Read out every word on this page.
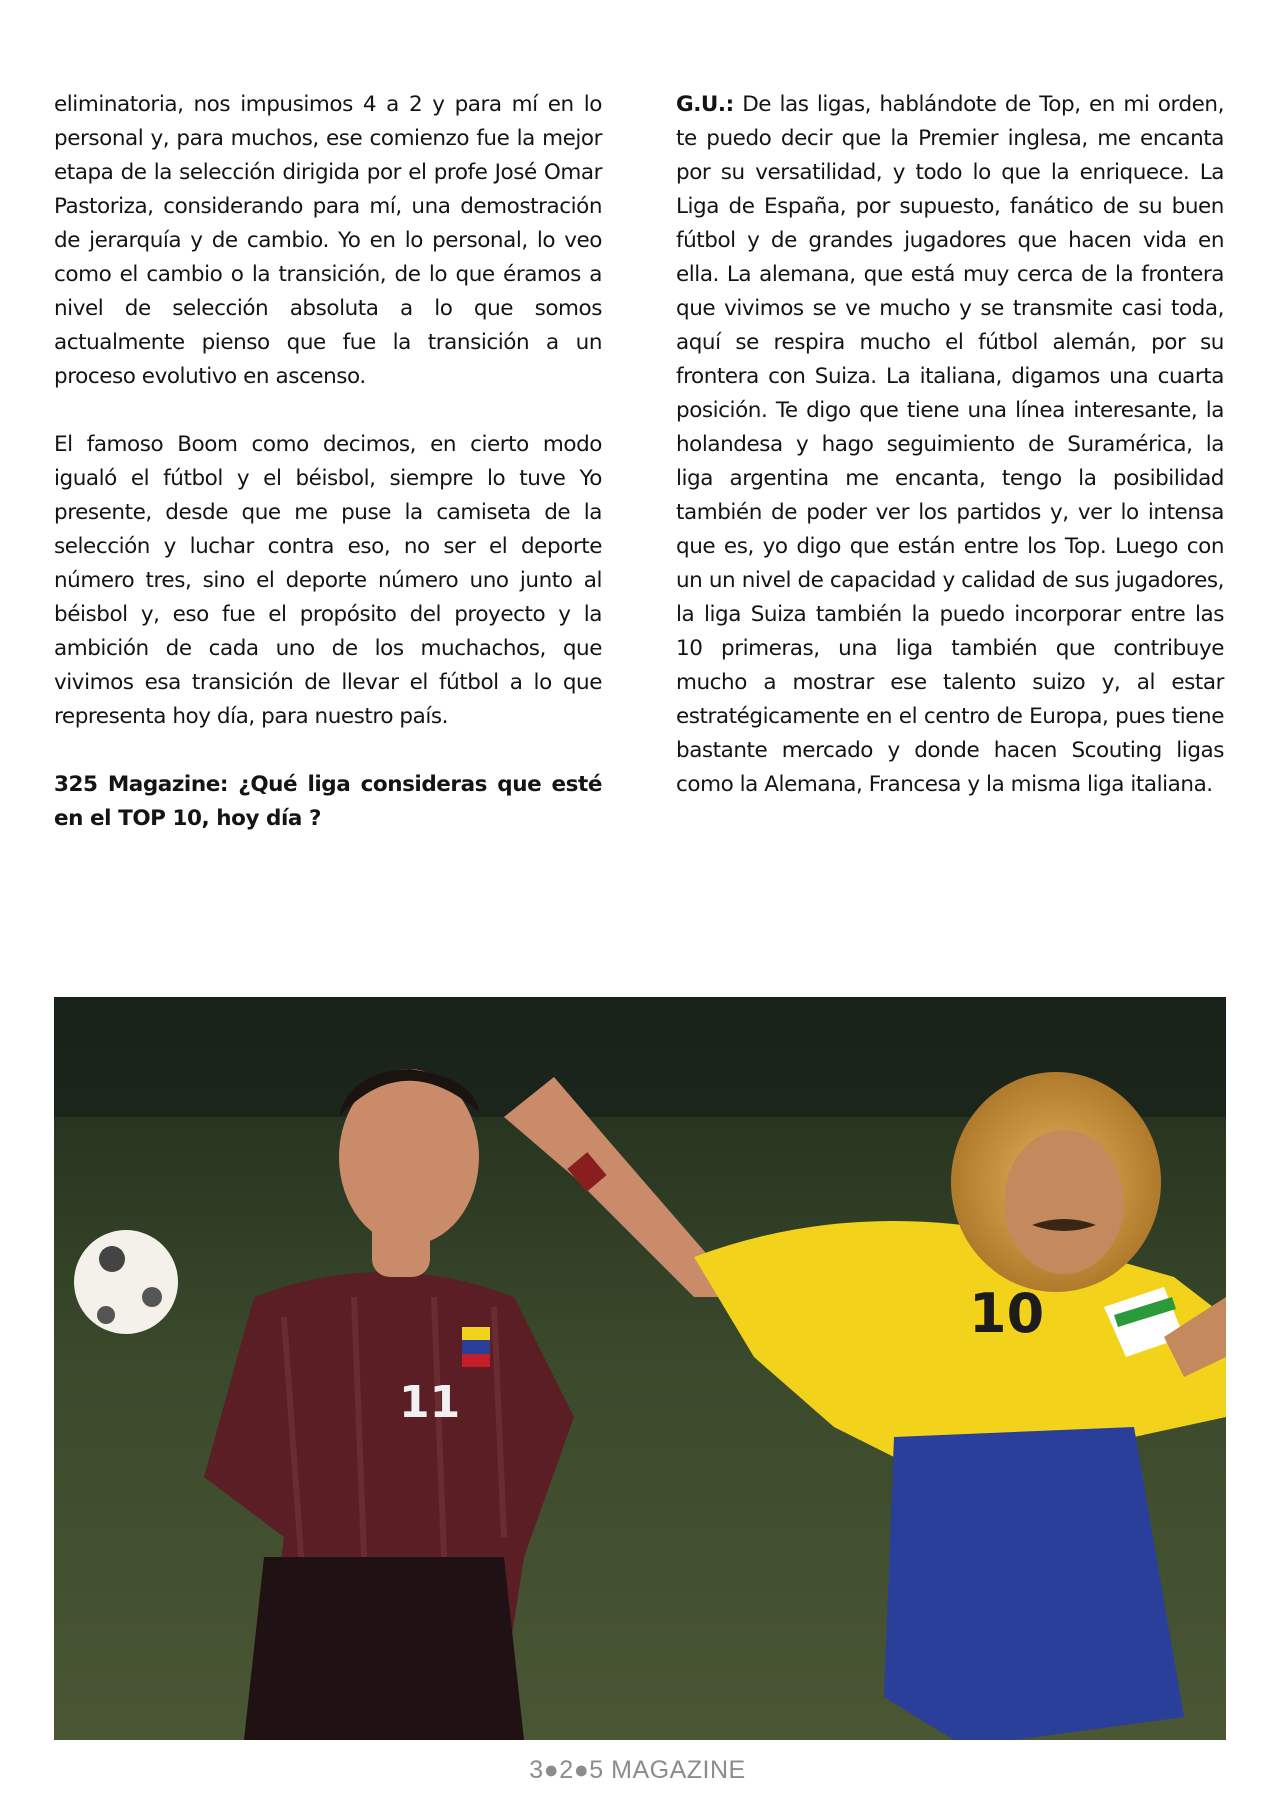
eliminatoria, nos impusimos 4 a 2 y para mí en lo personal y, para muchos, ese comienzo fue la mejor etapa de la selección dirigida por el profe José Omar Pastoriza, considerando para mí, una demostración de jerarquía y de cambio. Yo en lo personal, lo veo como el cambio o la transición, de lo que éramos a nivel de selección absoluta a lo que somos actualmente pienso que fue la transición a un proceso evolutivo en ascenso.

El famoso Boom como decimos, en cierto modo igualó el fútbol y el béisbol, siempre lo tuve Yo presente, desde que me puse la camiseta de la selección y luchar contra eso, no ser el deporte número tres, sino el deporte número uno junto al béisbol y, eso fue el propósito del proyecto y la ambición de cada uno de los muchachos, que vivimos esa transición de llevar el fútbol a lo que representa hoy día, para nuestro país.

325 Magazine: ¿Qué liga consideras que esté en el TOP 10, hoy día ?

G.U.: De las ligas, hablándote de Top, en mi orden, te puedo decir que la Premier inglesa, me encanta por su versatilidad, y todo lo que la enriquece. La Liga de España, por supuesto, fanático de su buen fútbol y de grandes jugadores que hacen vida en ella. La alemana, que está muy cerca de la frontera que vivimos se ve mucho y se transmite casi toda, aquí se respira mucho el fútbol alemán, por su frontera con Suiza. La italiana, digamos una cuarta posición. Te digo que tiene una línea interesante, la holandesa y hago seguimiento de Suramérica, la liga argentina me encanta, tengo la posibilidad también de poder ver los partidos y, ver lo intensa que es, yo digo que están entre los Top. Luego con un un nivel de capacidad y calidad de sus jugadores, la liga Suiza también la puedo incorporar entre las 10 primeras, una liga también que contribuye mucho a mostrar ese talento suizo y, al estar estratégicamente en el centro de Europa, pues tiene bastante mercado y donde hacen Scouting ligas como la Alemana, Francesa y la misma liga italiana.

11
10
3●2●5 MAGAZINE
